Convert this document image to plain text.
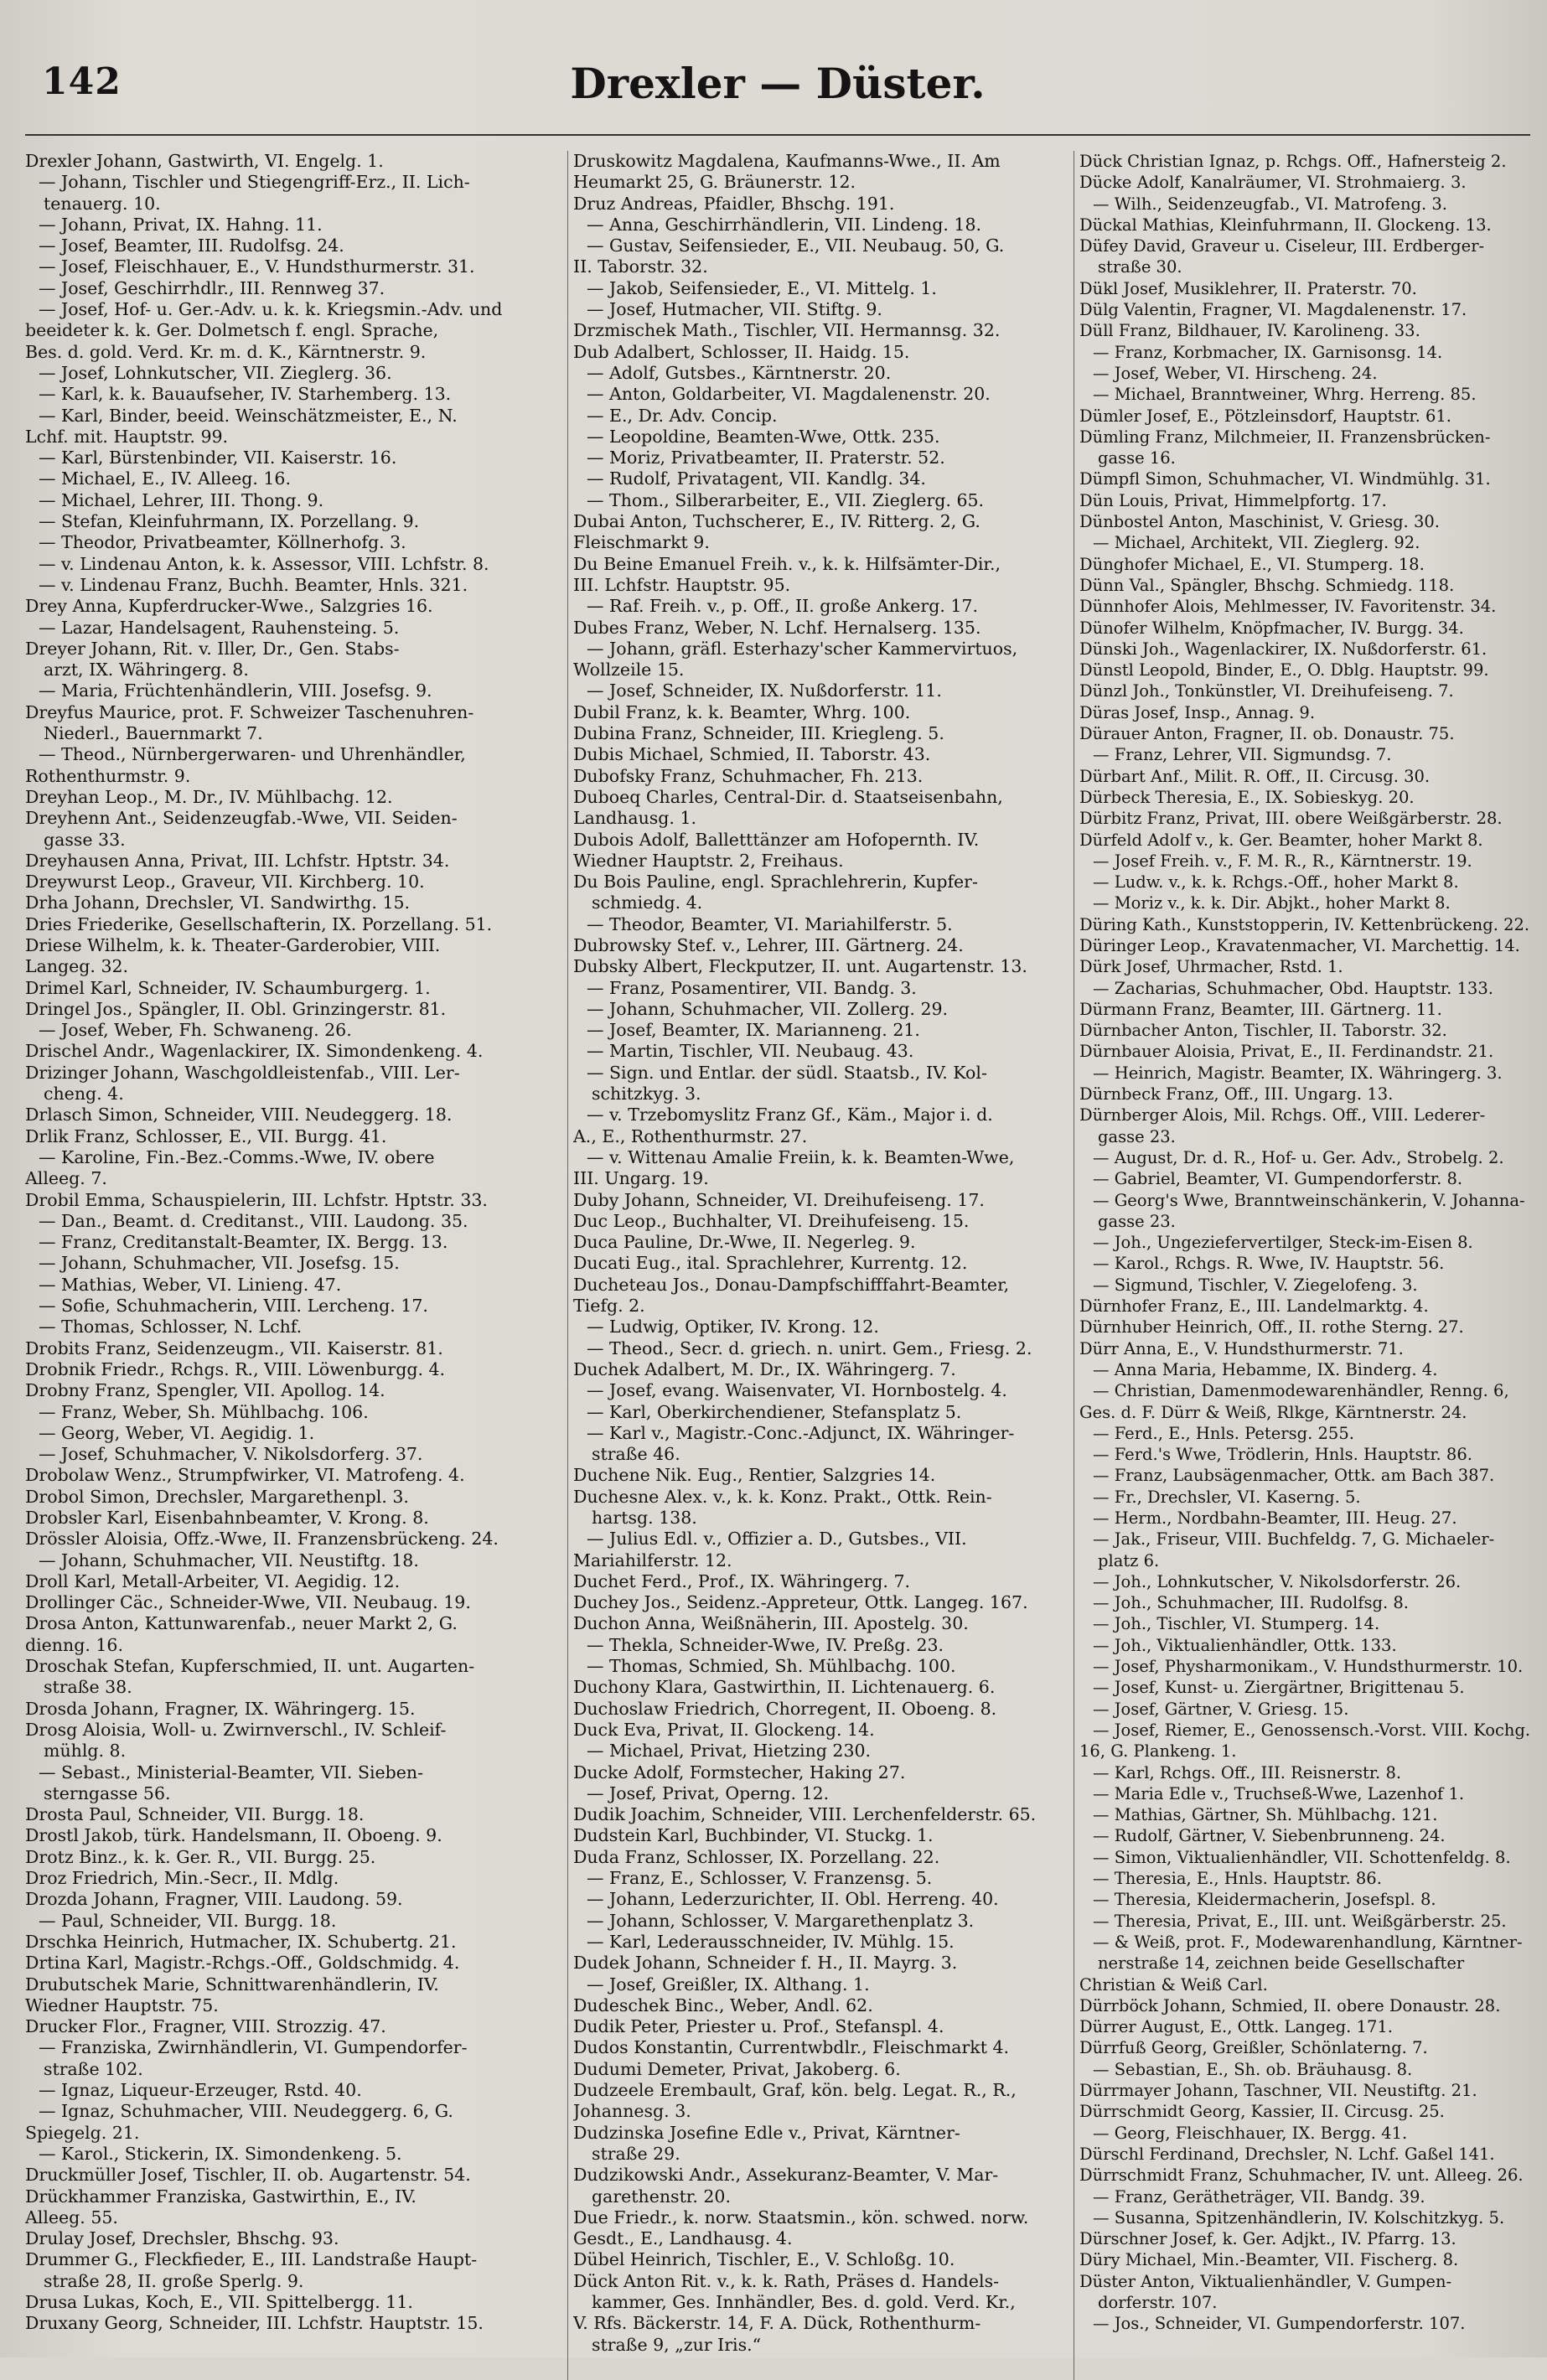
142	Drexler — Düster.
Drexler Johann, Gastwirth, VI. Engelg. 1.
— Johann, Tischler und Stiegengriff-Erz., II. Lich-
tenauerg. 10.
— Johann, Privat, IX. Hahng. 11.
— Josef, Beamter, III. Rudolfsg. 24.
— Josef, Fleischhauer, E., V. Hundsthurmerstr. 31.
— Josef, Geschirrhdlr., III. Rennweg 37.
— Josef, Hof- u. Ger.-Adv. u. k. k. Kriegsmin.-Adv. und
beeideter k. k. Ger. Dolmetsch f. engl. Sprache,
Bes. d. gold. Verd. Kr. m. d. K., Kärntnerstr. 9.
— Josef, Lohnkutscher, VII. Zieglerg. 36.
— Karl, k. k. Bauaufseher, IV. Starhemberg. 13.
— Karl, Binder, beeid. Weinschätzmeister, E., N.
Lchf. mit. Hauptstr. 99.
— Karl, Bürstenbinder, VII. Kaiserstr. 16.
— Michael, E., IV. Alleeg. 16.
— Michael, Lehrer, III. Thong. 9.
— Stefan, Kleinfuhrmann, IX. Porzellang. 9.
— Theodor, Privatbeamter, Köllnerhofg. 3.
— v. Lindenau Anton, k. k. Assessor, VIII. Lchfstr. 8.
— v. Lindenau Franz, Buchh. Beamter, Hnls. 321.
Drey Anna, Kupferdrucker-Wwe., Salzgries 16.
— Lazar, Handelsagent, Rauhensteing. 5.
Dreyer Johann, Rit. v. Iller, Dr., Gen. Stabs-
arzt, IX. Währingerg. 8.
— Maria, Früchtenhändlerin, VIII. Josefsg. 9.
Dreyfus Maurice, prot. F. Schweizer Taschenuhren-
Niederl., Bauernmarkt 7.
— Theod., Nürnbergerwaren- und Uhrenhändler,
Rothenthurmstr. 9.
Dreyhan Leop., M. Dr., IV. Mühlbachg. 12.
Dreyhenn Ant., Seidenzeugfab.-Wwe, VII. Seiden-
gasse 33.
Dreyhausen Anna, Privat, III. Lchfstr. Hptstr. 34.
Dreywurst Leop., Graveur, VII. Kirchberg. 10.
Drha Johann, Drechsler, VI. Sandwirthg. 15.
Dries Friederike, Gesellschafterin, IX. Porzellang. 51.
Driese Wilhelm, k. k. Theater-Garderobier, VIII.
Langeg. 32.
Drimel Karl, Schneider, IV. Schaumburgerg. 1.
Dringel Jos., Spängler, II. Obl. Grinzingerstr. 81.
— Josef, Weber, Fh. Schwaneng. 26.
Drischel Andr., Wagenlackirer, IX. Simondenkeng. 4.
Drizinger Johann, Waschgoldleistenfab., VIII. Ler-
cheng. 4.
Drlasch Simon, Schneider, VIII. Neudeggerg. 18.
Drlik Franz, Schlosser, E., VII. Burgg. 41.
— Karoline, Fin.-Bez.-Comms.-Wwe, IV. obere
Alleeg. 7.
Drobil Emma, Schauspielerin, III. Lchfstr. Hptstr. 33.
— Dan., Beamt. d. Creditanst., VIII. Laudong. 35.
— Franz, Creditanstalt-Beamter, IX. Bergg. 13.
— Johann, Schuhmacher, VII. Josefsg. 15.
— Mathias, Weber, VI. Linieng. 47.
— Sofie, Schuhmacherin, VIII. Lercheng. 17.
— Thomas, Schlosser, N. Lchf.
Drobits Franz, Seidenzeugm., VII. Kaiserstr. 81.
Drobnik Friedr., Rchgs. R., VIII. Löwenburgg. 4.
Drobny Franz, Spengler, VII. Apollog. 14.
— Franz, Weber, Sh. Mühlbachg. 106.
— Georg, Weber, VI. Aegidig. 1.
— Josef, Schuhmacher, V. Nikolsdorferg. 37.
Drobolaw Wenz., Strumpfwirker, VI. Matrofeng. 4.
Drobol Simon, Drechsler, Margarethenpl. 3.
Drobsler Karl, Eisenbahnbeamter, V. Krong. 8.
Drössler Aloisia, Offz.-Wwe, II. Franzensbrückeng. 24.
— Johann, Schuhmacher, VII. Neustiftg. 18.
Droll Karl, Metall-Arbeiter, VI. Aegidig. 12.
Drollinger Cäc., Schneider-Wwe, VII. Neubaug. 19.
Drosa Anton, Kattunwarenfab., neuer Markt 2, G.
dienng. 16.
Droschak Stefan, Kupferschmied, II. unt. Augarten-
straße 38.
Drosda Johann, Fragner, IX. Währingerg. 15.
Drosg Aloisia, Woll- u. Zwirnverschl., IV. Schleif-
mühlg. 8.
— Sebast., Ministerial-Beamter, VII. Sieben-
sterngasse 56.
Drosta Paul, Schneider, VII. Burgg. 18.
Drostl Jakob, türk. Handelsmann, II. Oboeng. 9.
Drotz Binz., k. k. Ger. R., VII. Burgg. 25.
Droz Friedrich, Min.-Secr., II. Mdlg.
Drozda Johann, Fragner, VIII. Laudong. 59.
— Paul, Schneider, VII. Burgg. 18.
Drschka Heinrich, Hutmacher, IX. Schubertg. 21.
Drtina Karl, Magistr.-Rchgs.-Off., Goldschmidg. 4.
Drubutschek Marie, Schnittwarenhändlerin, IV.
Wiedner Hauptstr. 75.
Drucker Flor., Fragner, VIII. Strozzig. 47.
— Franziska, Zwirnhändlerin, VI. Gumpendorfer-
straße 102.
— Ignaz, Liqueur-Erzeuger, Rstd. 40.
— Ignaz, Schuhmacher, VIII. Neudeggerg. 6, G.
Spiegelg. 21.
— Karol., Stickerin, IX. Simondenkeng. 5.
Druckmüller Josef, Tischler, II. ob. Augartenstr. 54.
Drückhammer Franziska, Gastwirthin, E., IV.
Alleeg. 55.
Drulay Josef, Drechsler, Bhschg. 93.
Drummer G., Fleckfieder, E., III. Landstraße Haupt-
straße 28, II. große Sperlg. 9.
Drusa Lukas, Koch, E., VII. Spittelbergg. 11.
Druxany Georg, Schneider, III. Lchfstr. Hauptstr. 15.
Druskowitz Magdalena, Kaufmanns-Wwe., II. Am
Heumarkt 25, G. Bräunerstr. 12.
Druz Andreas, Pfaidler, Bhschg. 191.
— Anna, Geschirrhändlerin, VII. Lindeng. 18.
— Gustav, Seifensieder, E., VII. Neubaug. 50, G.
II. Taborstr. 32.
— Jakob, Seifensieder, E., VI. Mittelg. 1.
— Josef, Hutmacher, VII. Stiftg. 9.
Drzmischek Math., Tischler, VII. Hermannsg. 32.
Dub Adalbert, Schlosser, II. Haidg. 15.
— Adolf, Gutsbes., Kärntnerstr. 20.
— Anton, Goldarbeiter, VI. Magdalenenstr. 20.
— E., Dr. Adv. Concip.
— Leopoldine, Beamten-Wwe, Ottk. 235.
— Moriz, Privatbeamter, II. Praterstr. 52.
— Rudolf, Privatagent, VII. Kandlg. 34.
— Thom., Silberarbeiter, E., VII. Zieglerg. 65.
Dubai Anton, Tuchscherer, E., IV. Ritterg. 2, G.
Fleischmarkt 9.
Du Beine Emanuel Freih. v., k. k. Hilfsämter-Dir.,
III. Lchfstr. Hauptstr. 95.
— Raf. Freih. v., p. Off., II. große Ankerg. 17.
Dubes Franz, Weber, N. Lchf. Hernalserg. 135.
— Johann, gräfl. Esterhazy'scher Kammervirtuos,
Wollzeile 15.
— Josef, Schneider, IX. Nußdorferstr. 11.
Dubil Franz, k. k. Beamter, Whrg. 100.
Dubina Franz, Schneider, III. Kriegleng. 5.
Dubis Michael, Schmied, II. Taborstr. 43.
Dubofsky Franz, Schuhmacher, Fh. 213.
Duboeq Charles, Central-Dir. d. Staatseisenbahn,
Landhausg. 1.
Dubois Adolf, Balletttänzer am Hofopernth. IV.
Wiedner Hauptstr. 2, Freihaus.
Du Bois Pauline, engl. Sprachlehrerin, Kupfer-
schmiedg. 4.
— Theodor, Beamter, VI. Mariahilferstr. 5.
Dubrowsky Stef. v., Lehrer, III. Gärtnerg. 24.
Dubsky Albert, Fleckputzer, II. unt. Augartenstr. 13.
— Franz, Posamentirer, VII. Bandg. 3.
— Johann, Schuhmacher, VII. Zollerg. 29.
— Josef, Beamter, IX. Marianneng. 21.
— Martin, Tischler, VII. Neubaug. 43.
— Sign. und Entlar. der südl. Staatsb., IV. Kol-
schitzkyg. 3.
— v. Trzebomyslitz Franz Gf., Käm., Major i. d.
A., E., Rothenthurmstr. 27.
— v. Wittenau Amalie Freiin, k. k. Beamten-Wwe,
III. Ungarg. 19.
Duby Johann, Schneider, VI. Dreihufeiseng. 17.
Duc Leop., Buchhalter, VI. Dreihufeiseng. 15.
Duca Pauline, Dr.-Wwe, II. Negerleg. 9.
Ducati Eug., ital. Sprachlehrer, Kurrentg. 12.
Ducheteau Jos., Donau-Dampfschifffahrt-Beamter,
Tiefg. 2.
— Ludwig, Optiker, IV. Krong. 12.
— Theod., Secr. d. griech. n. unirt. Gem., Friesg. 2.
Duchek Adalbert, M. Dr., IX. Währingerg. 7.
— Josef, evang. Waisenvater, VI. Hornbostelg. 4.
— Karl, Oberkirchendiener, Stefansplatz 5.
— Karl v., Magistr.-Conc.-Adjunct, IX. Währinger-
straße 46.
Duchene Nik. Eug., Rentier, Salzgries 14.
Duchesne Alex. v., k. k. Konz. Prakt., Ottk. Rein-
hartsg. 138.
— Julius Edl. v., Offizier a. D., Gutsbes., VII.
Mariahilferstr. 12.
Duchet Ferd., Prof., IX. Währingerg. 7.
Duchey Jos., Seidenz.-Appreteur, Ottk. Langeg. 167.
Duchon Anna, Weißnäherin, III. Apostelg. 30.
— Thekla, Schneider-Wwe, IV. Preßg. 23.
— Thomas, Schmied, Sh. Mühlbachg. 100.
Duchony Klara, Gastwirthin, II. Lichtenauerg. 6.
Duchoslaw Friedrich, Chorregent, II. Oboeng. 8.
Duck Eva, Privat, II. Glockeng. 14.
— Michael, Privat, Hietzing 230.
Ducke Adolf, Formstecher, Haking 27.
— Josef, Privat, Operng. 12.
Dudik Joachim, Schneider, VIII. Lerchenfelderstr. 65.
Dudstein Karl, Buchbinder, VI. Stuckg. 1.
Duda Franz, Schlosser, IX. Porzellang. 22.
— Franz, E., Schlosser, V. Franzensg. 5.
— Johann, Lederzurichter, II. Obl. Herreng. 40.
— Johann, Schlosser, V. Margarethenplatz 3.
— Karl, Lederausschneider, IV. Mühlg. 15.
Dudek Johann, Schneider f. H., II. Mayrg. 3.
— Josef, Greißler, IX. Althang. 1.
Dudeschek Binc., Weber, Andl. 62.
Dudik Peter, Priester u. Prof., Stefanspl. 4.
Dudos Konstantin, Currentwbdlr., Fleischmarkt 4.
Dudumi Demeter, Privat, Jakoberg. 6.
Dudzeele Erembault, Graf, kön. belg. Legat. R., R.,
Johannesg. 3.
Dudzinska Josefine Edle v., Privat, Kärntner-
straße 29.
Dudzikowski Andr., Assekuranz-Beamter, V. Mar-
garethenstr. 20.
Due Friedr., k. norw. Staatsmin., kön. schwed. norw.
Gesdt., E., Landhausg. 4.
Dübel Heinrich, Tischler, E., V. Schloßg. 10.
Dück Anton Rit. v., k. k. Rath, Präses d. Handels-
kammer, Ges. Innhändler, Bes. d. gold. Verd. Kr.,
V. Rfs. Bäckerstr. 14, F. A. Dück, Rothenthurm-
straße 9, „zur Iris.“
Dück Christian Ignaz, p. Rchgs. Off., Hafnersteig 2.
Dücke Adolf, Kanalräumer, VI. Strohmaierg. 3.
— Wilh., Seidenzeugfab., VI. Matrofeng. 3.
Dückal Mathias, Kleinfuhrmann, II. Glockeng. 13.
Düfey David, Graveur u. Ciseleur, III. Erdberger-
straße 30.
Dükl Josef, Musiklehrer, II. Praterstr. 70.
Dülg Valentin, Fragner, VI. Magdalenenstr. 17.
Düll Franz, Bildhauer, IV. Karolineng. 33.
— Franz, Korbmacher, IX. Garnisonsg. 14.
— Josef, Weber, VI. Hirscheng. 24.
— Michael, Branntweiner, Whrg. Herreng. 85.
Dümler Josef, E., Pötzleinsdorf, Hauptstr. 61.
Dümling Franz, Milchmeier, II. Franzensbrücken-
gasse 16.
Dümpfl Simon, Schuhmacher, VI. Windmühlg. 31.
Dün Louis, Privat, Himmelpfortg. 17.
Dünbostel Anton, Maschinist, V. Griesg. 30.
— Michael, Architekt, VII. Zieglerg. 92.
Dünghofer Michael, E., VI. Stumperg. 18.
Dünn Val., Spängler, Bhschg. Schmiedg. 118.
Dünnhofer Alois, Mehlmesser, IV. Favoritenstr. 34.
Dünofer Wilhelm, Knöpfmacher, IV. Burgg. 34.
Dünski Joh., Wagenlackirer, IX. Nußdorferstr. 61.
Dünstl Leopold, Binder, E., O. Dblg. Hauptstr. 99.
Dünzl Joh., Tonkünstler, VI. Dreihufeiseng. 7.
Düras Josef, Insp., Annag. 9.
Dürauer Anton, Fragner, II. ob. Donaustr. 75.
— Franz, Lehrer, VII. Sigmundsg. 7.
Dürbart Anf., Milit. R. Off., II. Circusg. 30.
Dürbeck Theresia, E., IX. Sobieskyg. 20.
Dürbitz Franz, Privat, III. obere Weißgärberstr. 28.
Dürfeld Adolf v., k. Ger. Beamter, hoher Markt 8.
— Josef Freih. v., F. M. R., R., Kärntnerstr. 19.
— Ludw. v., k. k. Rchgs.-Off., hoher Markt 8.
— Moriz v., k. k. Dir. Abjkt., hoher Markt 8.
Düring Kath., Kunststopperin, IV. Kettenbrückeng. 22.
Düringer Leop., Kravatenmacher, VI. Marchettig. 14.
Dürk Josef, Uhrmacher, Rstd. 1.
— Zacharias, Schuhmacher, Obd. Hauptstr. 133.
Dürmann Franz, Beamter, III. Gärtnerg. 11.
Dürnbacher Anton, Tischler, II. Taborstr. 32.
Dürnbauer Aloisia, Privat, E., II. Ferdinandstr. 21.
— Heinrich, Magistr. Beamter, IX. Währingerg. 3.
Dürnbeck Franz, Off., III. Ungarg. 13.
Dürnberger Alois, Mil. Rchgs. Off., VIII. Lederer-
gasse 23.
— August, Dr. d. R., Hof- u. Ger. Adv., Strobelg. 2.
— Gabriel, Beamter, VI. Gumpendorferstr. 8.
— Georg's Wwe, Branntweinschänkerin, V. Johanna-
gasse 23.
— Joh., Ungeziefervertilger, Steck-im-Eisen 8.
— Karol., Rchgs. R. Wwe, IV. Hauptstr. 56.
— Sigmund, Tischler, V. Ziegelofeng. 3.
Dürnhofer Franz, E., III. Landelmarktg. 4.
Dürnhuber Heinrich, Off., II. rothe Sterng. 27.
Dürr Anna, E., V. Hundsthurmerstr. 71.
— Anna Maria, Hebamme, IX. Binderg. 4.
— Christian, Damenmodewarenhändler, Renng. 6,
Ges. d. F. Dürr & Weiß, Rlkge, Kärntnerstr. 24.
— Ferd., E., Hnls. Petersg. 255.
— Ferd.'s Wwe, Trödlerin, Hnls. Hauptstr. 86.
— Franz, Laubsägenmacher, Ottk. am Bach 387.
— Fr., Drechsler, VI. Kaserng. 5.
— Herm., Nordbahn-Beamter, III. Heug. 27.
— Jak., Friseur, VIII. Buchfeldg. 7, G. Michaeler-
platz 6.
— Joh., Lohnkutscher, V. Nikolsdorferstr. 26.
— Joh., Schuhmacher, III. Rudolfsg. 8.
— Joh., Tischler, VI. Stumperg. 14.
— Joh., Viktualienhändler, Ottk. 133.
— Josef, Physharmonikam., V. Hundsthurmerstr. 10.
— Josef, Kunst- u. Ziergärtner, Brigittenau 5.
— Josef, Gärtner, V. Griesg. 15.
— Josef, Riemer, E., Genossensch.-Vorst. VIII. Kochg.
16, G. Plankeng. 1.
— Karl, Rchgs. Off., III. Reisnerstr. 8.
— Maria Edle v., Truchseß-Wwe, Lazenhof 1.
— Mathias, Gärtner, Sh. Mühlbachg. 121.
— Rudolf, Gärtner, V. Siebenbrunneng. 24.
— Simon, Viktualienhändler, VII. Schottenfeldg. 8.
— Theresia, E., Hnls. Hauptstr. 86.
— Theresia, Kleidermacherin, Josefspl. 8.
— Theresia, Privat, E., III. unt. Weißgärberstr. 25.
— & Weiß, prot. F., Modewarenhandlung, Kärntner-
nerstraße 14, zeichnen beide Gesellschafter
Christian & Weiß Carl.
Dürrböck Johann, Schmied, II. obere Donaustr. 28.
Dürrer August, E., Ottk. Langeg. 171.
Dürrfuß Georg, Greißler, Schönlaterng. 7.
— Sebastian, E., Sh. ob. Bräuhausg. 8.
Dürrmayer Johann, Taschner, VII. Neustiftg. 21.
Dürrschmidt Georg, Kassier, II. Circusg. 25.
— Georg, Fleischhauer, IX. Bergg. 41.
Dürschl Ferdinand, Drechsler, N. Lchf. Gaßel 141.
Dürrschmidt Franz, Schuhmacher, IV. unt. Alleeg. 26.
— Franz, Gerätheträger, VII. Bandg. 39.
— Susanna, Spitzenhändlerin, IV. Kolschitzkyg. 5.
Dürschner Josef, k. Ger. Adjkt., IV. Pfarrg. 13.
Düry Michael, Min.-Beamter, VII. Fischerg. 8.
Düster Anton, Viktualienhändler, V. Gumpen-
dorferstr. 107.
— Jos., Schneider, VI. Gumpendorferstr. 107.
